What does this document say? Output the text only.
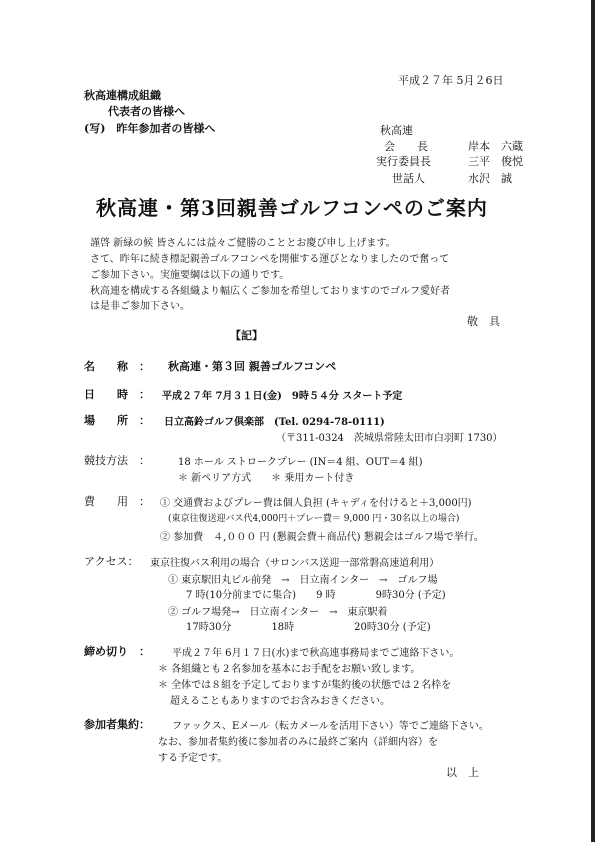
平成２７年 5月２6日
秋高連構成組織
代表者の皆様へ
(写)　昨年参加者の皆様へ	秋高連
会　　長	岸本　六蔵
実行委員長	三平　俊悦
世話人	水沢　誠
秋高連・第3回親善ゴルフコンペのご案内
謹啓 新緑の候 皆さんには益々ご健勝のこととお慶び申し上げます。
さて、昨年に続き標記親善ゴルフコンペを開催する運びとなりましたので奮って
ご参加下さい。実施要綱は以下の通りです。
秋高連を構成する各組織より幅広くご参加を希望しておりますのでゴルフ愛好者
は是非ご参加下さい。
敬　具
【記】
名　　称　： 秋高連・第３回 親善ゴルフコンペ
日　　時　： 平成２７年 7月３１日(金)　9時５４分 スタート予定
場　　所　： 日立高鈴ゴルフ倶楽部　(Tel. 0294-78-0111)
（〒311-0324　茨城県常陸太田市白羽町 1730）
競技方法　：	18 ホール ストロークプレー (IN＝4 組、OUT＝4 組)
＊ 新ペリア方式　　＊ 乗用カート付き
費　　用　： ① 交通費およびプレー費は個人負担 (キャディを付けると＋3,000円)
(東京往復送迎バス代4,000円＋プレー費＝ 9,000 円・30名以上の場合)
② 参加費　４,０００ 円 (懇親会費＋商品代) 懇親会はゴルフ場で挙行。
アクセス： 東京往復バス利用の場合（サロンバス送迎一部常磐高速道利用）
① 東京駅旧丸ビル前発　→　日立南インター　→　ゴルフ場
7 時(10分前までに集合)　　9 時　　　　9時30分 (予定)
② ゴルフ場発→　日立南インター　→　東京駅着
17時30分　　　　18時　　　　　　20時30分 (予定)
締め切り　： 平成２７年 6月１７日(水)まで秋高連事務局までご連絡下さい。
＊ 各組織とも２名参加を基本にお手配をお願い致します。
＊ 全体では８組を予定しておりますが集約後の状態では２名枠を
超えることもありますのでお含みおきください。
参加者集約： ファックス、Eメール（転カメールを活用下さい）等でご連絡下さい。
なお、参加者集約後に参加者のみに最終ご案内（詳細内容）を
する予定です。
以　上
